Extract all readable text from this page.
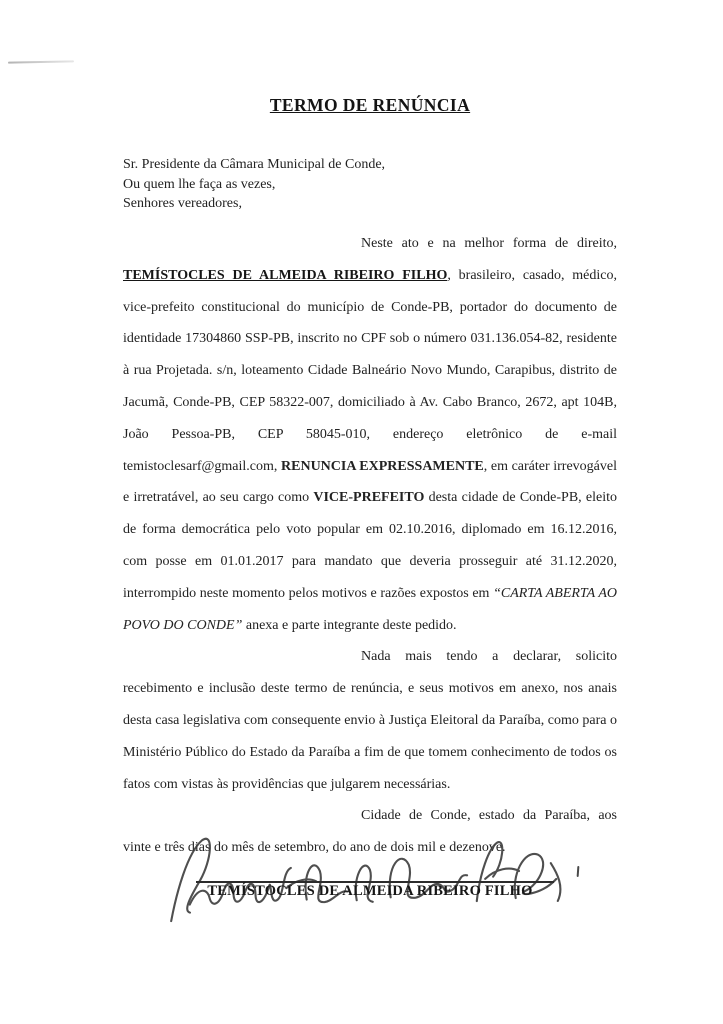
TERMO DE RENÚNCIA
Sr. Presidente da Câmara Municipal de Conde,
Ou quem lhe faça as vezes,
Senhores vereadores,

Neste ato e na melhor forma de direito, TEMÍSTOCLES DE ALMEIDA RIBEIRO FILHO, brasileiro, casado, médico, vice-prefeito constitucional do município de Conde-PB, portador do documento de identidade 17304860 SSP-PB, inscrito no CPF sob o número 031.136.054-82, residente à rua Projetada. s/n, loteamento Cidade Balneário Novo Mundo, Carapibus, distrito de Jacumã, Conde-PB, CEP 58322-007, domiciliado à Av. Cabo Branco, 2672, apt 104B, João Pessoa-PB, CEP 58045-010, endereço eletrônico de e-mail temistoclesarf@gmail.com, RENUNCIA EXPRESSAMENTE, em caráter irrevogável e irretratável, ao seu cargo como VICE-PREFEITO desta cidade de Conde-PB, eleito de forma democrática pelo voto popular em 02.10.2016, diplomado em 16.12.2016, com posse em 01.01.2017 para mandato que deveria prosseguir até 31.12.2020, interrompido neste momento pelos motivos e razões expostos em “CARTA ABERTA AO POVO DO CONDE” anexa e parte integrante deste pedido.

Nada mais tendo a declarar, solicito recebimento e inclusão deste termo de renúncia, e seus motivos em anexo, nos anais desta casa legislativa com consequente envio à Justiça Eleitoral da Paraíba, como para o Ministério Público do Estado da Paraíba a fim de que tomem conhecimento de todos os fatos com vistas às providências que julgarem necessárias.

Cidade de Conde, estado da Paraíba, aos vinte e três dias do mês de setembro, do ano de dois mil e dezenove.

TEMÍSTOCLES DE ALMEIDA RIBEIRO FILHO
